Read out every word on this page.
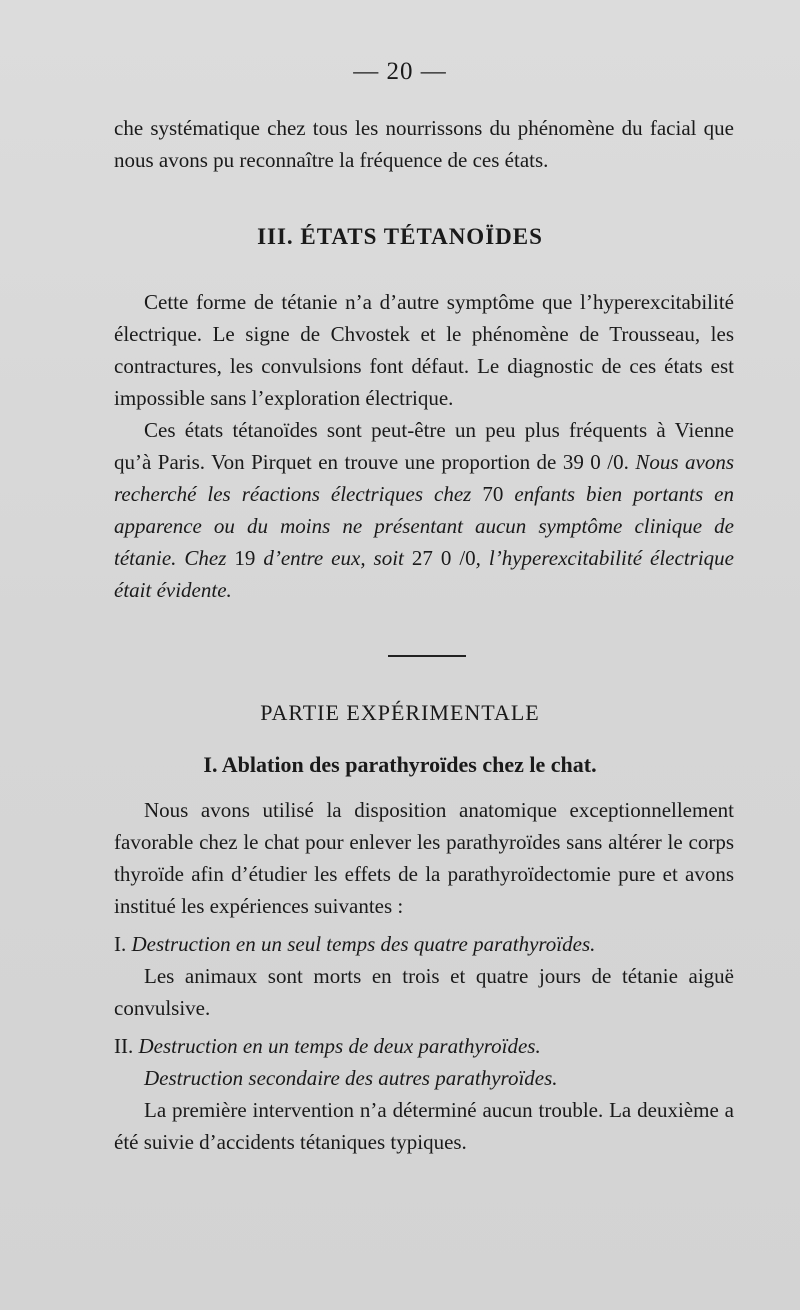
— 20 —

che systématique chez tous les nourrissons du phénomène du facial que nous avons pu reconnaître la fréquence de ces états.

III. ÉTATS TÉTANOÏDES

Cette forme de tétanie n’a d’autre symptôme que l’hyperexcitabilité électrique. Le signe de Chvostek et le phénomène de Trousseau, les contractures, les convulsions font défaut. Le diagnostic de ces états est impossible sans l’exploration électrique.

Ces états tétanoïdes sont peut-être un peu plus fréquents à Vienne qu’à Paris. Von Pirquet en trouve une proportion de 39 0 /0. Nous avons recherché les réactions électriques chez 70 enfants bien portants en apparence ou du moins ne présentant aucun symptôme clinique de tétanie. Chez 19 d’entre eux, soit 27 0 /0, l’hyperexcitabilité électrique était évidente.

PARTIE EXPÉRIMENTALE
I. Ablation des parathyroïdes chez le chat.

Nous avons utilisé la disposition anatomique exceptionnellement favorable chez le chat pour enlever les parathyroïdes sans altérer le corps thyroïde afin d’étudier les effets de la parathyroïdectomie pure et avons institué les expériences suivantes :

I. Destruction en un seul temps des quatre parathyroïdes.

Les animaux sont morts en trois et quatre jours de tétanie aiguë convulsive.

II. Destruction en un temps de deux parathyroïdes.

Destruction secondaire des autres parathyroïdes.

La première intervention n’a déterminé aucun trouble. La deuxième a été suivie d’accidents tétaniques typiques.
